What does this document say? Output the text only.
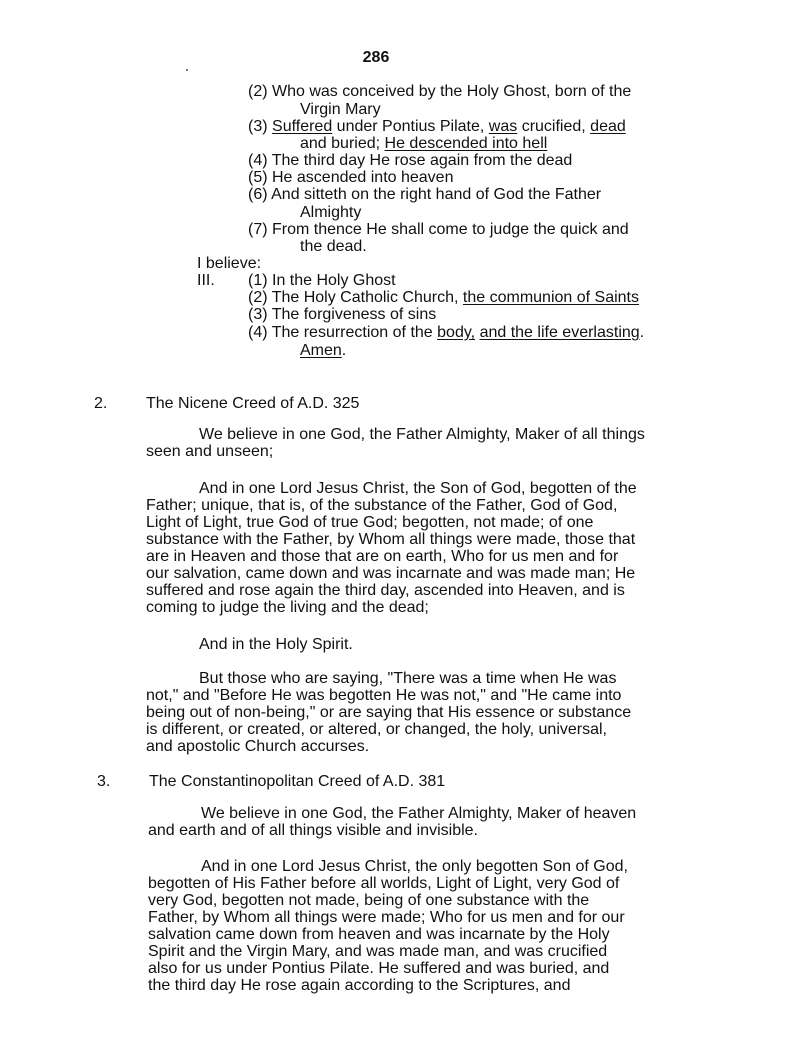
286
(2) Who was conceived by the Holy Ghost, born of the
Virgin Mary
(3) Suffered under Pontius Pilate, was crucified, dead
and buried; He descended into hell
(4) The third day He rose again from the dead
(5) He ascended into heaven
(6) And sitteth on the right hand of God the Father
Almighty
(7) From thence He shall come to judge the quick and
the dead.
I believe:
III. (1) In the Holy Ghost
(2) The Holy Catholic Church, the communion of Saints
(3) The forgiveness of sins
(4) The resurrection of the body, and the life everlasting.
Amen.
2. The Nicene Creed of A.D. 325
We believe in one God, the Father Almighty, Maker of all things
seen and unseen;
And in one Lord Jesus Christ, the Son of God, begotten of the
Father; unique, that is, of the substance of the Father, God of God,
Light of Light, true God of true God; begotten, not made; of one
substance with the Father, by Whom all things were made, those that
are in Heaven and those that are on earth, Who for us men and for
our salvation, came down and was incarnate and was made man; He
suffered and rose again the third day, ascended into Heaven, and is
coming to judge the living and the dead;
And in the Holy Spirit.
But those who are saying, "There was a time when He was
not," and "Before He was begotten He was not," and "He came into
being out of non-being," or are saying that His essence or substance
is different, or created, or altered, or changed, the holy, universal,
and apostolic Church accurses.
3. The Constantinopolitan Creed of A.D. 381
We believe in one God, the Father Almighty, Maker of heaven
and earth and of all things visible and invisible.
And in one Lord Jesus Christ, the only begotten Son of God,
begotten of His Father before all worlds, Light of Light, very God of
very God, begotten not made, being of one substance with the
Father, by Whom all things were made; Who for us men and for our
salvation came down from heaven and was incarnate by the Holy
Spirit and the Virgin Mary, and was made man, and was crucified
also for us under Pontius Pilate. He suffered and was buried, and
the third day He rose again according to the Scriptures, and
